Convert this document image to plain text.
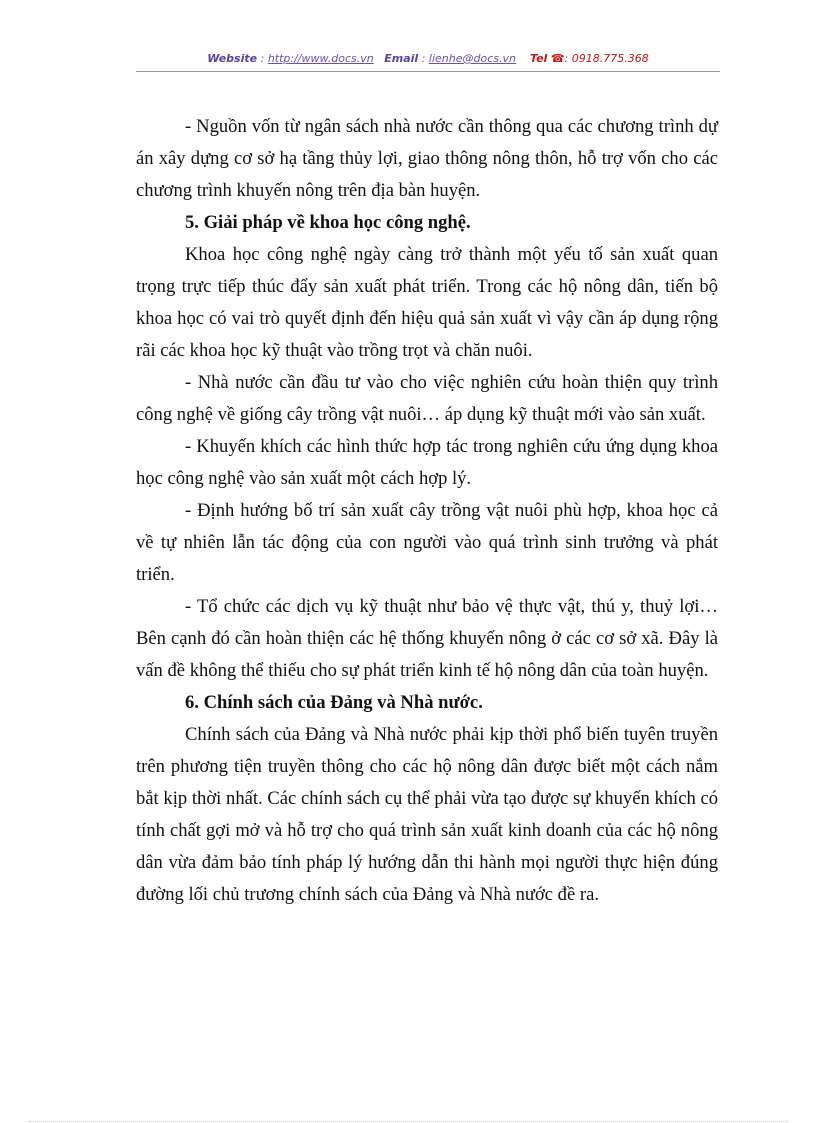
Website : http://www.docs.vn Email : lienhe@docs.vn Tel ☎: 0918.775.368

- Nguồn vốn từ ngân sách nhà nước cần thông qua các chương trình dự án xây dựng cơ sở hạ tầng thủy lợi, giao thông nông thôn, hỗ trợ vốn cho các chương trình khuyến nông trên địa bàn huyện.

5. Giải pháp về khoa học công nghệ.

Khoa học công nghệ ngày càng trở thành một yếu tố sản xuất quan trọng trực tiếp thúc đẩy sản xuất phát triển. Trong các hộ nông dân, tiến bộ khoa học có vai trò quyết định đến hiệu quả sản xuất vì vậy cần áp dụng rộng rãi các khoa học kỹ thuật vào trồng trọt và chăn nuôi.

- Nhà nước cần đầu tư vào cho việc nghiên cứu hoàn thiện quy trình công nghệ về giống cây trồng vật nuôi… áp dụng kỹ thuật mới vào sản xuất.

- Khuyến khích các hình thức hợp tác trong nghiên cứu ứng dụng khoa học công nghệ vào sản xuất một cách hợp lý.

- Định hướng bố trí sản xuất cây trồng vật nuôi phù hợp, khoa học cả về tự nhiên lẫn tác động của con người vào quá trình sinh trưởng và phát triển.

- Tổ chức các dịch vụ kỹ thuật như bảo vệ thực vật, thú y, thuỷ lợi… Bên cạnh đó cần hoàn thiện các hệ thống khuyến nông ở các cơ sở xã. Đây là vấn đề không thể thiếu cho sự phát triển kinh tế hộ nông dân của toàn huyện.

6. Chính sách của Đảng và Nhà nước.

Chính sách của Đảng và Nhà nước phải kịp thời phổ biến tuyên truyền trên phương tiện truyền thông cho các hộ nông dân được biết một cách nắm bắt kịp thời nhất. Các chính sách cụ thể phải vừa tạo được sự khuyến khích có tính chất gợi mở và hỗ trợ cho quá trình sản xuất kinh doanh của các hộ nông dân vừa đảm bảo tính pháp lý hướng dẫn thi hành mọi người thực hiện đúng đường lối chủ trương chính sách của Đảng và Nhà nước đề ra.
